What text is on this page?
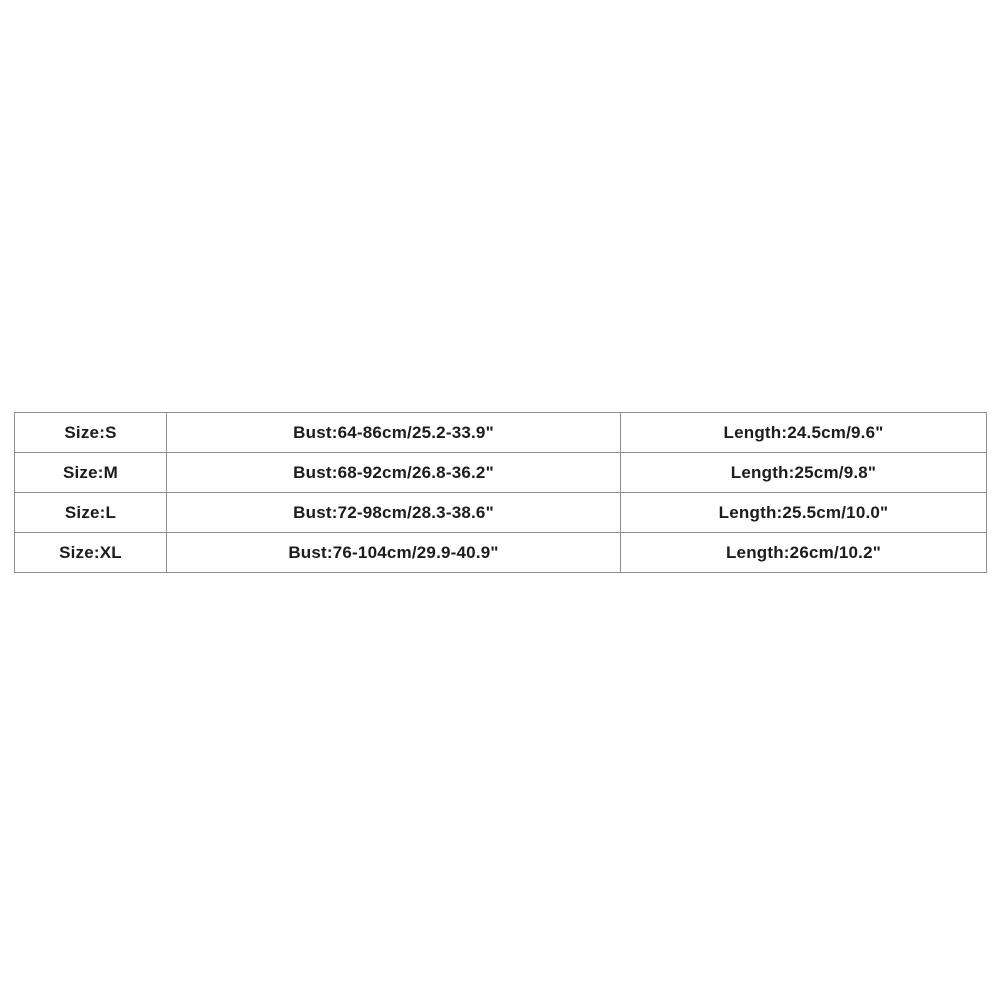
Size:S	Bust:64-86cm/25.2-33.9"	Length:24.5cm/9.6"
Size:M	Bust:68-92cm/26.8-36.2"	Length:25cm/9.8"
Size:L	Bust:72-98cm/28.3-38.6"	Length:25.5cm/10.0"
Size:XL	Bust:76-104cm/29.9-40.9"	Length:26cm/10.2"
